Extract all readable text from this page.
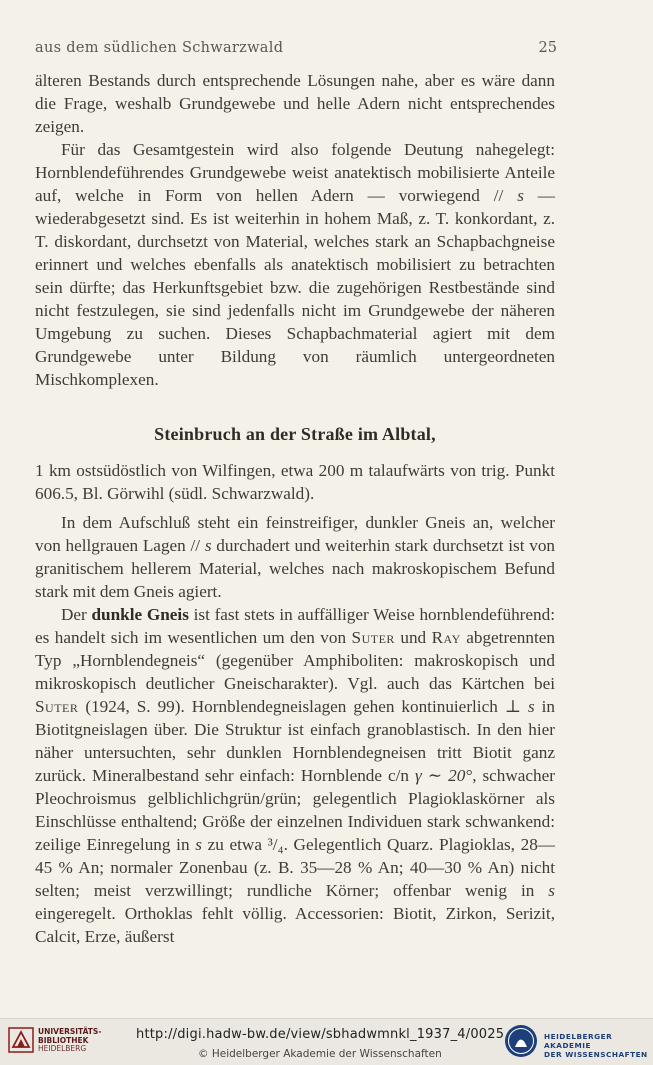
aus dem südlichen Schwarzwald	25

älteren Bestands durch entsprechende Lösungen nahe, aber es wäre dann die Frage, weshalb Grundgewebe und helle Adern nicht entsprechendes zeigen.

Für das Gesamtgestein wird also folgende Deutung nahegelegt: Hornblendeführendes Grundgewebe weist anatektisch mobilisierte Anteile auf, welche in Form von hellen Adern — vorwiegend // s — wiederabgesetzt sind. Es ist weiterhin in hohem Maß, z. T. konkordant, z. T. diskordant, durchsetzt von Material, welches stark an Schapbachgneise erinnert und welches ebenfalls als anatektisch mobilisiert zu betrachten sein dürfte; das Herkunftsgebiet bzw. die zugehörigen Restbestände sind nicht festzulegen, sie sind jedenfalls nicht im Grundgewebe der näheren Umgebung zu suchen. Dieses Schapbachmaterial agiert mit dem Grundgewebe unter Bildung von räumlich untergeordneten Mischkomplexen.

Steinbruch an der Straße im Albtal,

1 km ostsüdöstlich von Wilfingen, etwa 200 m talaufwärts von trig. Punkt 606.5, Bl. Görwihl (südl. Schwarzwald).

In dem Aufschluß steht ein feinstreifiger, dunkler Gneis an, welcher von hellgrauen Lagen // s durchadert und weiterhin stark durchsetzt ist von granitischem hellerem Material, welches nach makroskopischem Befund stark mit dem Gneis agiert.

Der dunkle Gneis ist fast stets in auffälliger Weise hornblendeführend: es handelt sich im wesentlichen um den von Suter und Ray abgetrennten Typ „Hornblendegneis“ (gegenüber Amphiboliten: makroskopisch und mikroskopisch deutlicher Gneischarakter). Vgl. auch das Kärtchen bei Suter (1924, S. 99). Hornblendegneislagen gehen kontinuierlich ⊥ s in Biotitgneislagen über. Die Struktur ist einfach granoblastisch. In den hier näher untersuchten, sehr dunklen Hornblendegneisen tritt Biotit ganz zurück. Mineralbestand sehr einfach: Hornblende c/n γ ∼ 20°, schwacher Pleochroismus gelblichlichgrün/grün; gelegentlich Plagioklaskörner als Einschlüsse enthaltend; Größe der einzelnen Individuen stark schwankend: zeilige Einregelung in s zu etwa ³/₄. Gelegentlich Quarz. Plagioklas, 28—45 % An; normaler Zonenbau (z. B. 35—28 % An; 40—30 % An) nicht selten; meist verzwillingt; rundliche Körner; offenbar wenig in s eingeregelt. Orthoklas fehlt völlig. Accessorien: Biotit, Zirkon, Serizit, Calcit, Erze, äußerst

UNIVERSITÄTS-
BIBLIOTHEK
HEIDELBERG
http://digi.hadw-bw.de/view/sbhadwmnkl_1937_4/0025
© Heidelberger Akademie der Wissenschaften
HEIDELBERGER AKADEMIE
DER WISSENSCHAFTEN
